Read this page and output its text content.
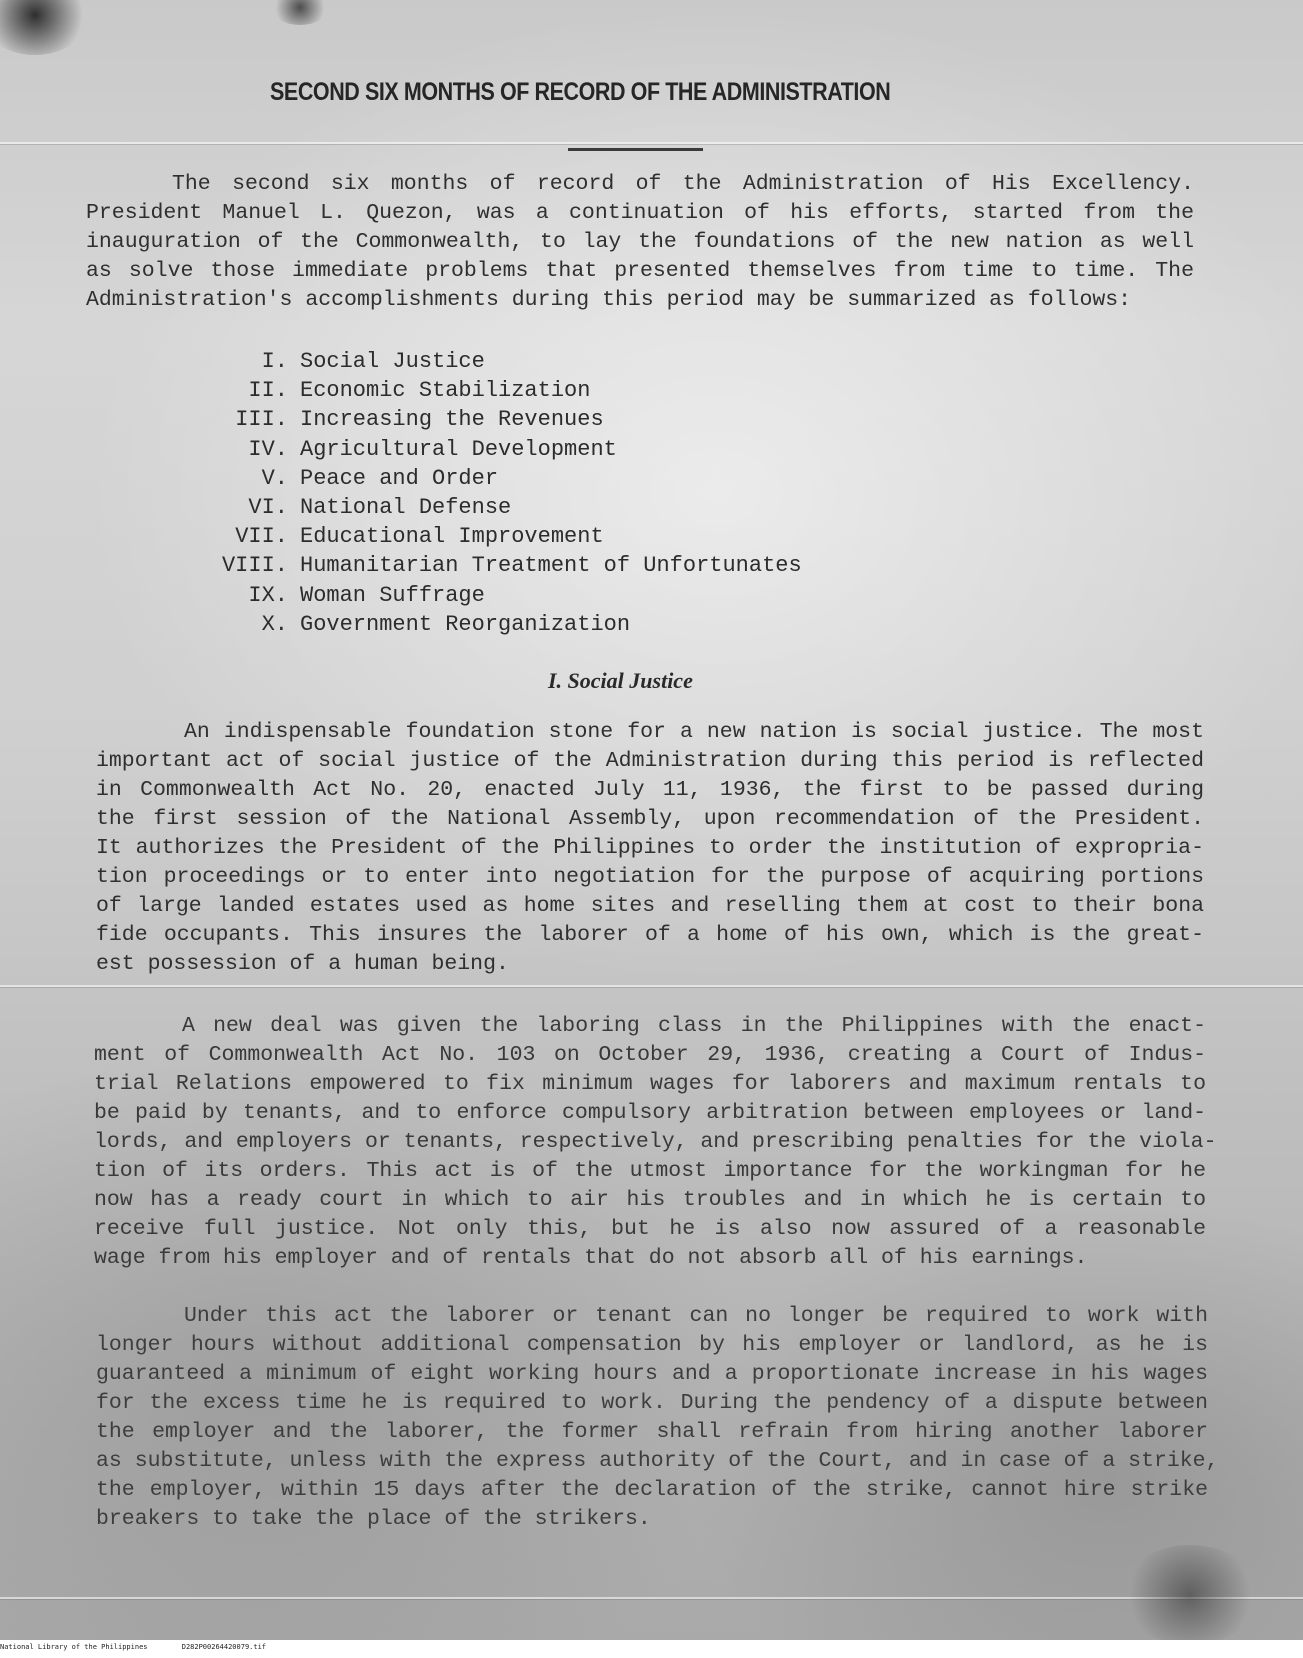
SECOND SIX MONTHS OF RECORD OF THE ADMINISTRATION
The second six months of record of the Administration of His Excellency.
President Manuel L. Quezon, was a continuation of his efforts, started from the
inauguration of the Commonwealth, to lay the foundations of the new nation as well
as solve those immediate problems that presented themselves from time to time. The
Administration's accomplishments during this period may be summarized as follows:
I. Social Justice
II. Economic Stabilization
III. Increasing the Revenues
IV. Agricultural Development
V. Peace and Order
VI. National Defense
VII. Educational Improvement
VIII. Humanitarian Treatment of Unfortunates
IX. Woman Suffrage
X. Government Reorganization
I. Social Justice
An indispensable foundation stone for a new nation is social justice. The most
important act of social justice of the Administration during this period is reflected
in Commonwealth Act No. 20, enacted July 11, 1936, the first to be passed during
the first session of the National Assembly, upon recommendation of the President.
It authorizes the President of the Philippines to order the institution of expropria-
tion proceedings or to enter into negotiation for the purpose of acquiring portions
of large landed estates used as home sites and reselling them at cost to their bona
fide occupants. This insures the laborer of a home of his own, which is the great-
est possession of a human being.
A new deal was given the laboring class in the Philippines with the enact-
ment of Commonwealth Act No. 103 on October 29, 1936, creating a Court of Indus-
trial Relations empowered to fix minimum wages for laborers and maximum rentals to
be paid by tenants, and to enforce compulsory arbitration between employees or land-
lords, and employers or tenants, respectively, and prescribing penalties for the viola-
tion of its orders. This act is of the utmost importance for the workingman for he
now has a ready court in which to air his troubles and in which he is certain to
receive full justice. Not only this, but he is also now assured of a reasonable
wage from his employer and of rentals that do not absorb all of his earnings.
Under this act the laborer or tenant can no longer be required to work with
longer hours without additional compensation by his employer or landlord, as he is
guaranteed a minimum of eight working hours and a proportionate increase in his wages
for the excess time he is required to work. During the pendency of a dispute between
the employer and the laborer, the former shall refrain from hiring another laborer
as substitute, unless with the express authority of the Court, and in case of a strike,
the employer, within 15 days after the declaration of the strike, cannot hire strike
breakers to take the place of the strikers.
National Library of the Philippines	D282P00264420079.tif
